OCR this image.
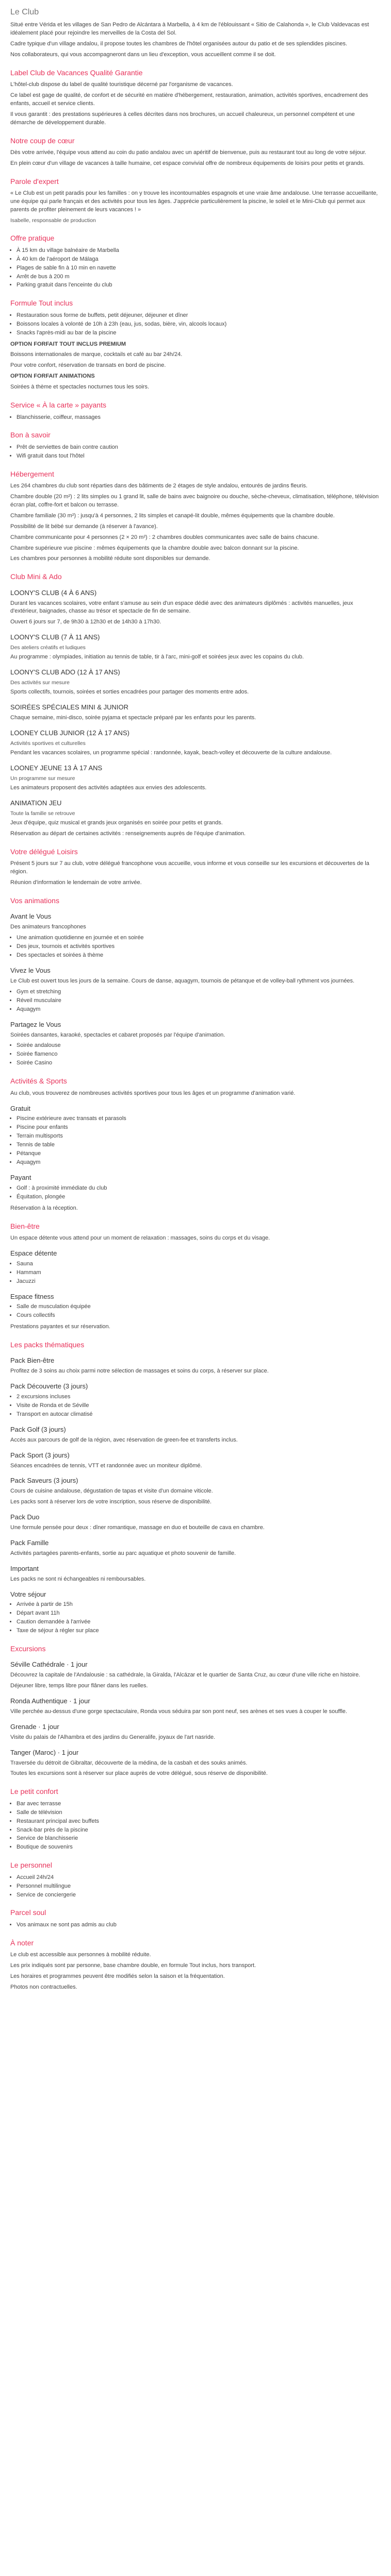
Le Club

Situé entre Vérida et les villages de San Pedro de Alcántara à Marbella, à 4 km de l'éblouissant « Sitio de Calahonda », le Club Valdevacas est idéalement placé pour rejoindre les merveilles de la Costa del Sol.

Cadre typique d'un village andalou, il propose toutes les chambres de l'hôtel organisées autour du patio et de ses splendides piscines.

Nos collaborateurs, qui vous accompagneront dans un lieu d'exception, vous accueillent comme il se doit.

Label Club de Vacances Qualité Garantie

L'hôtel-club dispose du label de qualité touristique décerné par l'organisme de vacances.

Ce label est gage de qualité, de confort et de sécurité en matière d'hébergement, restauration, animation, activités sportives, encadrement des enfants, accueil et service clients.

Il vous garantit : des prestations supérieures à celles décrites dans nos brochures, un accueil chaleureux, un personnel compétent et une démarche de développement durable.

Notre coup de cœur

Dès votre arrivée, l'équipe vous attend au coin du patio andalou avec un apéritif de bienvenue, puis au restaurant tout au long de votre séjour.

En plein cœur d'un village de vacances à taille humaine, cet espace convivial offre de nombreux équipements de loisirs pour petits et grands.

Parole d'expert

« Le Club est un petit paradis pour les familles : on y trouve les incontournables espagnols et une vraie âme andalouse. Une terrasse accueillante, une équipe qui parle français et des activités pour tous les âges. J'apprécie particulièrement la piscine, le soleil et le Mini-Club qui permet aux parents de profiter pleinement de leurs vacances ! »

Isabelle, responsable de production

Offre pratique
• À 15 km du village balnéaire de Marbella
• À 40 km de l'aéroport de Málaga
• Plages de sable fin à 10 min en navette
• Arrêt de bus à 200 m
• Parking gratuit dans l'enceinte du club
Formule Tout inclus
• Restauration sous forme de buffets, petit déjeuner, déjeuner et dîner
• Boissons locales à volonté de 10h à 23h (eau, jus, sodas, bière, vin, alcools locaux)
• Snacks l'après-midi au bar de la piscine

OPTION FORFAIT TOUT INCLUS PREMIUM

Boissons internationales de marque, cocktails et café au bar 24h/24.

Pour votre confort, réservation de transats en bord de piscine.

OPTION FORFAIT ANIMATIONS

Soirées à thème et spectacles nocturnes tous les soirs.

Service « À la carte » payants
• Blanchisserie, coiffeur, massages
Bon à savoir
• Prêt de serviettes de bain contre caution
• Wifi gratuit dans tout l'hôtel
Hébergement

Les 264 chambres du club sont réparties dans des bâtiments de 2 étages de style andalou, entourés de jardins fleuris.

Chambre double (20 m²) : 2 lits simples ou 1 grand lit, salle de bains avec baignoire ou douche, sèche-cheveux, climatisation, téléphone, télévision écran plat, coffre-fort et balcon ou terrasse.

Chambre familiale (30 m²) : jusqu'à 4 personnes, 2 lits simples et canapé-lit double, mêmes équipements que la chambre double.

Possibilité de lit bébé sur demande (à réserver à l'avance).

Chambre communicante pour 4 personnes (2 × 20 m²) : 2 chambres doubles communicantes avec salle de bains chacune.

Chambre supérieure vue piscine : mêmes équipements que la chambre double avec balcon donnant sur la piscine.

Les chambres pour personnes à mobilité réduite sont disponibles sur demande.

Club Mini & Ado

LOONY'S CLUB (4 À 6 ANS)

Durant les vacances scolaires, votre enfant s'amuse au sein d'un espace dédié avec des animateurs diplômés : activités manuelles, jeux d'extérieur, baignades, chasse au trésor et spectacle de fin de semaine.

Ouvert 6 jours sur 7, de 9h30 à 12h30 et de 14h30 à 17h30.

LOONY'S CLUB (7 À 11 ANS)

Des ateliers créatifs et ludiques

Au programme : olympiades, initiation au tennis de table, tir à l'arc, mini-golf et soirées jeux avec les copains du club.

LOONY'S CLUB ADO (12 À 17 ANS)

Des activités sur mesure

Sports collectifs, tournois, soirées et sorties encadrées pour partager des moments entre ados.

SOIRÉES SPÉCIALES MINI & JUNIOR

Chaque semaine, mini-disco, soirée pyjama et spectacle préparé par les enfants pour les parents.

LOONEY CLUB JUNIOR (12 À 17 ANS)

Activités sportives et culturelles

Pendant les vacances scolaires, un programme spécial : randonnée, kayak, beach-volley et découverte de la culture andalouse.

LOONEY JEUNE 13 À 17 ANS

Un programme sur mesure

Les animateurs proposent des activités adaptées aux envies des adolescents.

ANIMATION JEU

Toute la famille se retrouve

Jeux d'équipe, quiz musical et grands jeux organisés en soirée pour petits et grands.

Réservation au départ de certaines activités : renseignements auprès de l'équipe d'animation.

Votre délégué Loisirs

Présent 5 jours sur 7 au club, votre délégué francophone vous accueille, vous informe et vous conseille sur les excursions et découvertes de la région.

Réunion d'information le lendemain de votre arrivée.

Vos animations

Avant le Vous

Des animateurs francophones

• Une animation quotidienne en journée et en soirée
• Des jeux, tournois et activités sportives
• Des spectacles et soirées à thème

Vivez le Vous

Le Club est ouvert tous les jours de la semaine. Cours de danse, aquagym, tournois de pétanque et de volley-ball rythment vos journées.

• Gym et stretching
• Réveil musculaire
• Aquagym

Partagez le Vous

Soirées dansantes, karaoké, spectacles et cabaret proposés par l'équipe d'animation.

• Soirée andalouse
• Soirée flamenco
• Soirée Casino
Activités & Sports

Au club, vous trouverez de nombreuses activités sportives pour tous les âges et un programme d'animation varié.

Gratuit

• Piscine extérieure avec transats et parasols
• Piscine pour enfants
• Terrain multisports
• Tennis de table
• Pétanque
• Aquagym

Payant

• Golf : à proximité immédiate du club
• Équitation, plongée

Réservation à la réception.

Bien-être

Un espace détente vous attend pour un moment de relaxation : massages, soins du corps et du visage.

Espace détente

• Sauna
• Hammam
• Jacuzzi

Espace fitness

• Salle de musculation équipée
• Cours collectifs

Prestations payantes et sur réservation.

Les packs thématiques

Pack Bien-être

Profitez de 3 soins au choix parmi notre sélection de massages et soins du corps, à réserver sur place.

Pack Découverte (3 jours)

• 2 excursions incluses
• Visite de Ronda et de Séville
• Transport en autocar climatisé

Pack Golf (3 jours)

Accès aux parcours de golf de la région, avec réservation de green-fee et transferts inclus.

Pack Sport (3 jours)

Séances encadrées de tennis, VTT et randonnée avec un moniteur diplômé.

Pack Saveurs (3 jours)

Cours de cuisine andalouse, dégustation de tapas et visite d'un domaine viticole.

Les packs sont à réserver lors de votre inscription, sous réserve de disponibilité.

Pack Duo

Une formule pensée pour deux : dîner romantique, massage en duo et bouteille de cava en chambre.

Pack Famille

Activités partagées parents-enfants, sortie au parc aquatique et photo souvenir de famille.

Important

Les packs ne sont ni échangeables ni remboursables.

Votre séjour

• Arrivée à partir de 15h
• Départ avant 11h
• Caution demandée à l'arrivée
• Taxe de séjour à régler sur place
Excursions

Séville Cathédrale · 1 jour

Découvrez la capitale de l'Andalousie : sa cathédrale, la Giralda, l'Alcázar et le quartier de Santa Cruz, au cœur d'une ville riche en histoire.

Déjeuner libre, temps libre pour flâner dans les ruelles.

Ronda Authentique · 1 jour

Ville perchée au-dessus d'une gorge spectaculaire, Ronda vous séduira par son pont neuf, ses arènes et ses vues à couper le souffle.

Grenade · 1 jour

Visite du palais de l'Alhambra et des jardins du Generalife, joyaux de l'art nasride.

Tanger (Maroc) · 1 jour

Traversée du détroit de Gibraltar, découverte de la médina, de la casbah et des souks animés.

Toutes les excursions sont à réserver sur place auprès de votre délégué, sous réserve de disponibilité.

Le petit confort
• Bar avec terrasse
• Salle de télévision
• Restaurant principal avec buffets
• Snack-bar près de la piscine
• Service de blanchisserie
• Boutique de souvenirs
Le personnel
• Accueil 24h/24
• Personnel multilingue
• Service de conciergerie
Parcel soul
• Vos animaux ne sont pas admis au club
À noter

Le club est accessible aux personnes à mobilité réduite.

Les prix indiqués sont par personne, base chambre double, en formule Tout inclus, hors transport.

Les horaires et programmes peuvent être modifiés selon la saison et la fréquentation.

Photos non contractuelles.
